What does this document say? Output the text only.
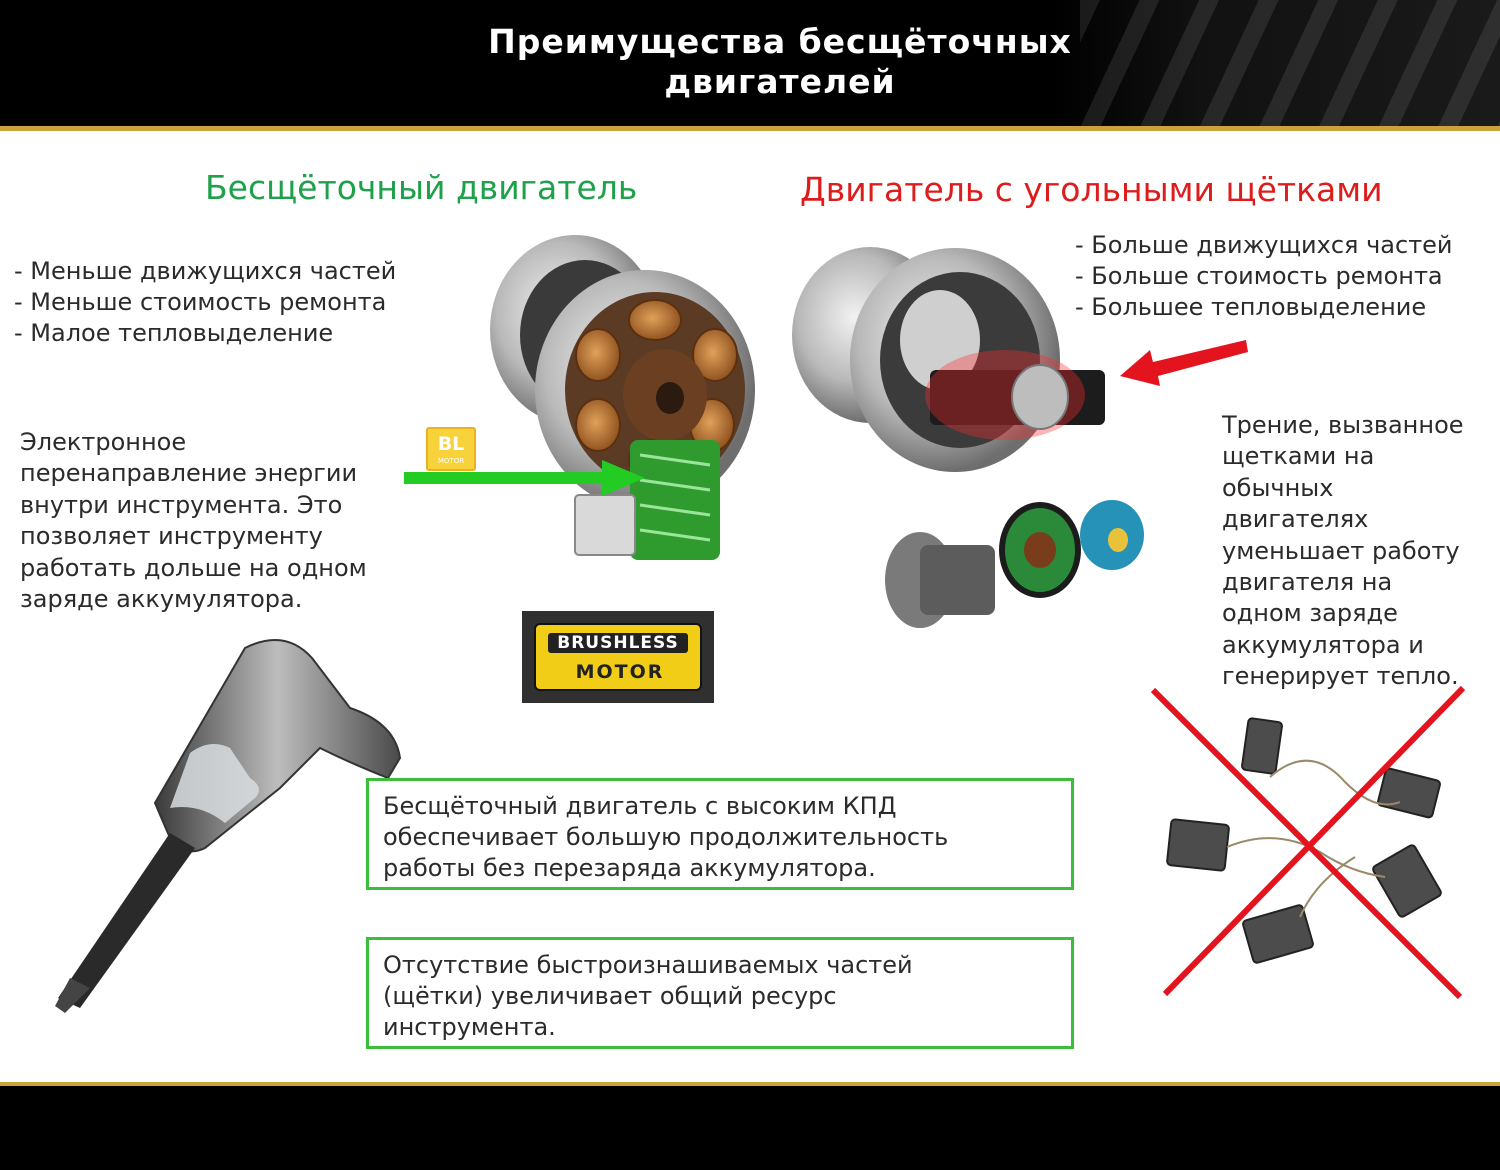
Преимущества бесщёточных
двигателей
Бесщёточный двигатель	Двигатель с угольными щётками
- Меньше движущихся частей
- Меньше стоимость ремонта
- Малое тепловыделение
- Больше движущихся частей
- Больше стоимость ремонта
- Большее тепловыделение
Электронное
перенаправление энергии
внутри инструмента. Это
позволяет инструменту
работать дольше на одном
заряде аккумулятора.
Трение, вызванное
щетками на
обычных
двигателях
уменьшает работу
двигателя на
одном заряде
аккумулятора и
генерирует тепло.
BL
MOTOR
BRUSHLESS
MOTOR
Бесщёточный двигатель с высоким КПД
обеспечивает большую продолжительность
работы без перезаряда аккумулятора.
Отсутствие быстроизнашиваемых частей
(щётки) увеличивает общий ресурс
инструмента.
